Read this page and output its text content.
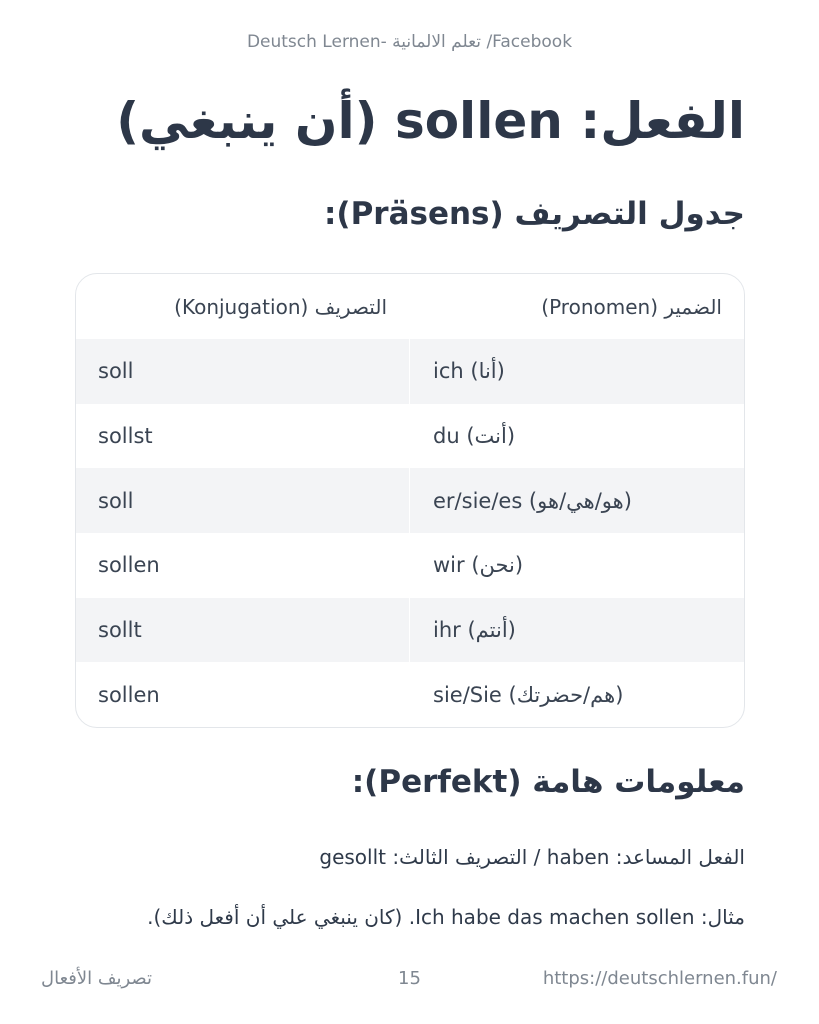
Facebook/ تعلم الالمانية -Deutsch Lernen
الفعل: sollen (أن ينبغي)
جدول التصريف (Präsens):
التصريف (Konjugation)	الضمير (Pronomen)
soll	ich (أنا)
sollst	du (أنت)
soll	er/sie/es (هو/هي/هو)
sollen	wir (نحن)
sollt	ihr (أنتم)
sollen	sie/Sie (هم/حضرتك)
معلومات هامة (Perfekt):

الفعل المساعد: haben / التصريف الثالث: gesollt

مثال: Ich habe das machen sollen. (كان ينبغي علي أن أفعل ذلك).

تصريف الأفعال	15	https://deutschlernen.fun/
